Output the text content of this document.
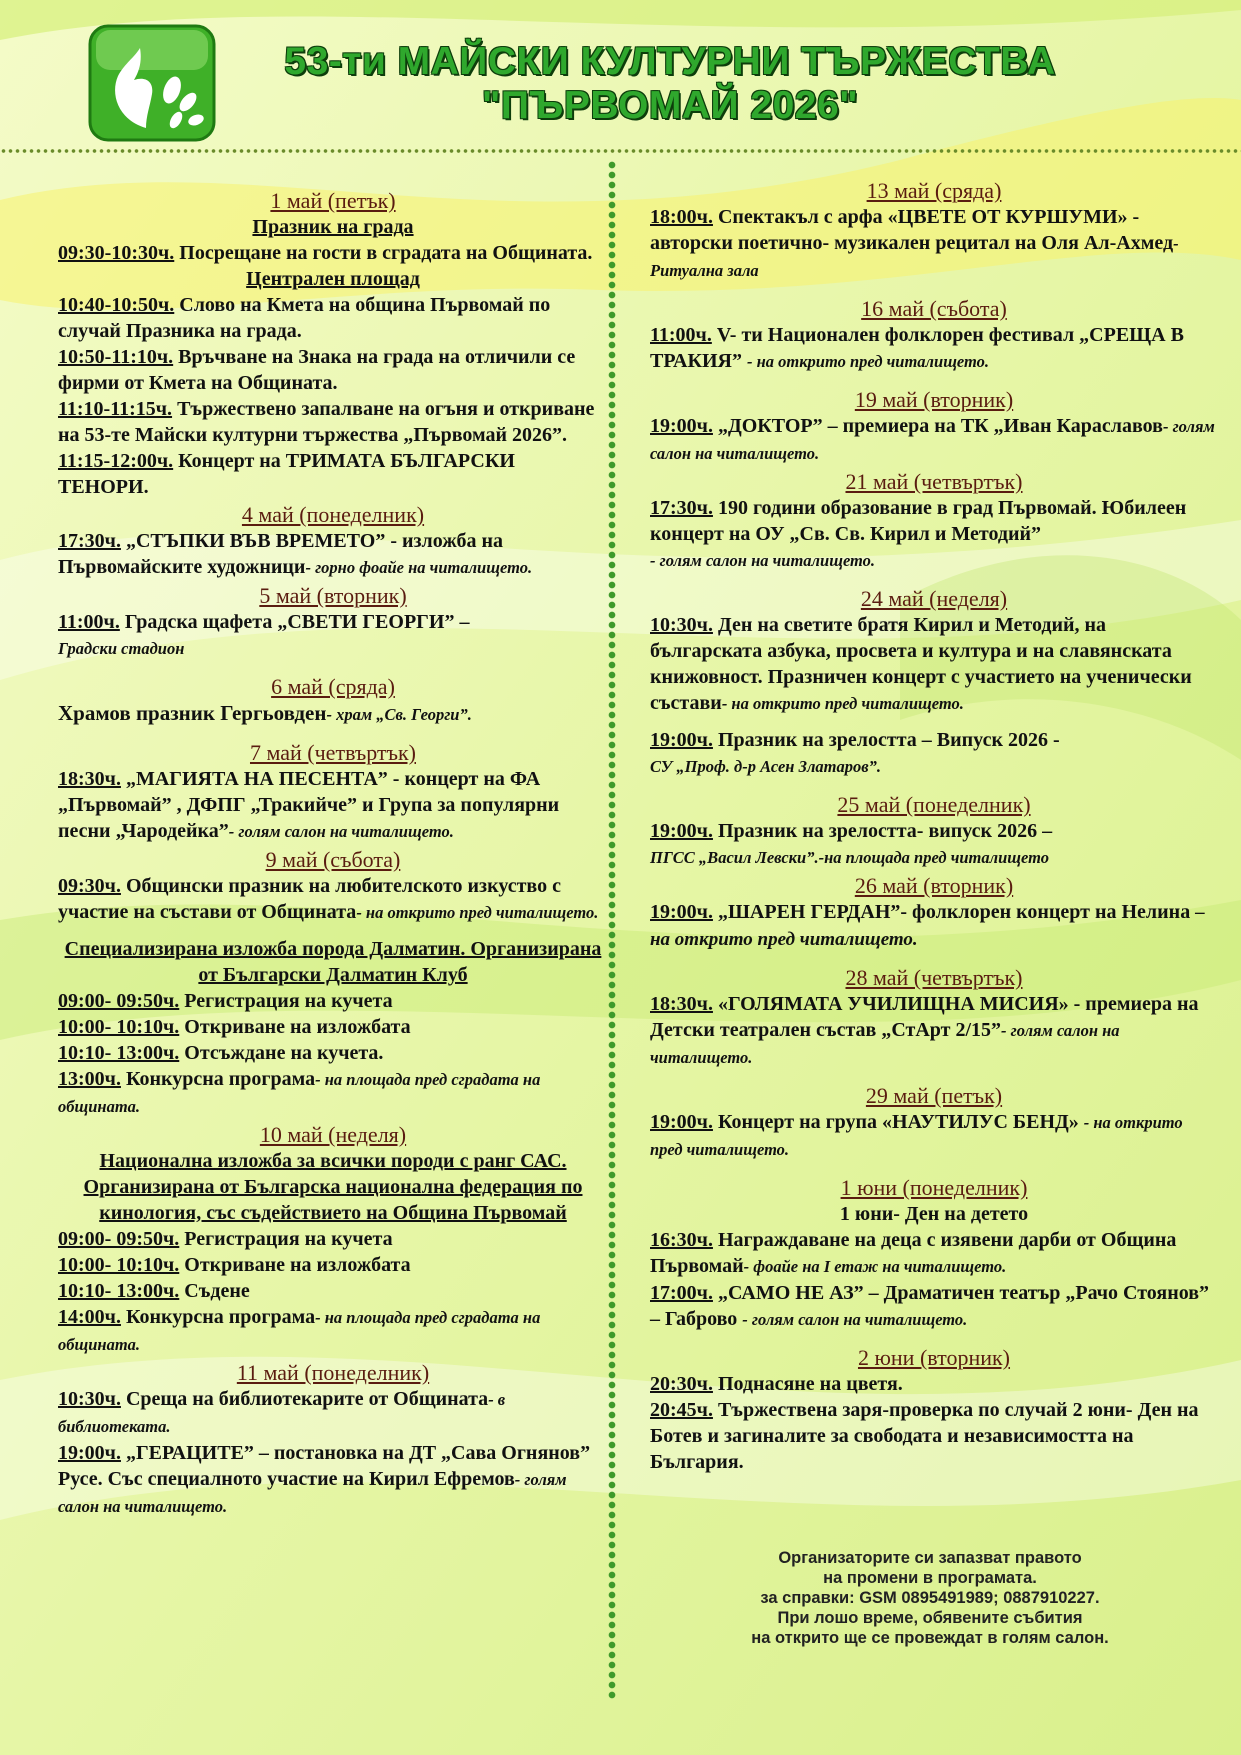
53-ти МАЙСКИ КУЛТУРНИ ТЪРЖЕСТВА
"ПЪРВОМАЙ 2026"
1 май (петък)
Празник на града

09:30-10:30ч. Посрещане на гости в сградата на Общината.

Централен площад

10:40-10:50ч. Слово на Кмета на община Първомай по случай Празника на града.

10:50-11:10ч. Връчване на Знака на града на отличили се фирми от Кмета на Общината.

11:10-11:15ч. Тържествено запалване на огъня и откриване на 53-те Майски културни тържества „Първомай 2026”.

11:15-12:00ч. Концерт на ТРИМАТА БЪЛГАРСКИ ТЕНОРИ.

4 май (понеделник)

17:30ч. „СТЪПКИ ВЪВ ВРЕМЕТО” - изложба на Първомайските художници- горно фоайе на читалището.

5 май (вторник)

11:00ч. Градска щафета „СВЕТИ ГЕОРГИ” –
Градски стадион

6 май (сряда)

Храмов празник Гергьовден- храм „Св. Георги”.

7 май (четвъртък)

18:30ч. „МАГИЯТА НА ПЕСЕНТА” - концерт на ФА „Първомай” , ДФПГ „Тракийче” и Група за популярни песни „Чародейка”- голям салон на читалището.

9 май (събота)

09:30ч. Общински празник на любителското изкуство с участие на състави от Общината- на открито пред читалището.

Специализирана изложба порода Далматин. Организирана от Български Далматин Клуб

09:00- 09:50ч. Регистрация на кучета

10:00- 10:10ч. Откриване на изложбата

10:10- 13:00ч. Отсъждане на кучета.

13:00ч. Конкурсна програма- на площада пред сградата на общината.

10 май (неделя)
Национална изложба за всички породи с ранг САС. Организирана от Българска национална федерация по кинология, със съдействието на Община Първомай

09:00- 09:50ч. Регистрация на кучета

10:00- 10:10ч. Откриване на изложбата

10:10- 13:00ч. Съдене

14:00ч. Конкурсна програма- на площада пред сградата на общината.

11 май (понеделник)

10:30ч. Среща на библиотекарите от Общината- в библиотеката.

19:00ч. „ГЕРАЦИТЕ” – постановка на ДТ „Сава Огнянов” Русе. Със специалното участие на Кирил Ефремов- голям салон на читалището.

13 май (сряда)

18:00ч. Спектакъл с арфа «ЦВЕТЕ ОТ КУРШУМИ» - авторски поетично- музикален рецитал на Оля Ал-Ахмед- Ритуална зала

16 май (събота)

11:00ч. V- ти Национален фолклорен фестивал „СРЕЩА В ТРАКИЯ” - на открито пред читалището.

19 май (вторник)

19:00ч. „ДОКТОР” – премиера на ТК „Иван Караславов- голям салон на читалището.

21 май (четвъртък)

17:30ч. 190 години образование в град Първомай. Юбилеен концерт на ОУ „Св. Св. Кирил и Методий”
- голям салон на читалището.

24 май (неделя)

10:30ч. Ден на светите братя Кирил и Методий, на българската азбука, просвета и култура и на славянската книжовност. Празничен концерт с участието на ученически състави- на открито пред читалището.

19:00ч. Празник на зрелостта – Випуск 2026 -
СУ „Проф. д-р Асен Златаров”.

25 май (понеделник)

19:00ч. Празник на зрелостта- випуск 2026 –
ПГСС „Васил Левски”.-на площада пред читалището

26 май (вторник)

19:00ч. „ШАРЕН ГЕРДАН”- фолклорен концерт на Нелина – на открито пред читалището.

28 май (четвъртък)

18:30ч. «ГОЛЯМАТА УЧИЛИЩНА МИСИЯ» - премиера на Детски театрален състав „СтАрт 2/15”- голям салон на читалището.

29 май (петък)

19:00ч. Концерт на група «НАУТИЛУС БЕНД» - на открито пред читалището.

1 юни (понеделник)
1 юни- Ден на детето

16:30ч. Награждаване на деца с изявени дарби от Община Първомай- фоайе на I етаж на читалището.

17:00ч. „САМО НЕ АЗ” – Драматичен театър „Рачо Стоянов” – Габрово - голям салон на читалището.

2 юни (вторник)

20:30ч. Поднасяне на цветя.

20:45ч. Тържествена заря-проверка по случай 2 юни- Ден на Ботев и загиналите за свободата и независимостта на България.

Организаторите си запазват правото
на промени в програмата.
за справки: GSM 0895491989; 0887910227.
При лошо време, обявените събития
на открито ще се провеждат в голям салон.
